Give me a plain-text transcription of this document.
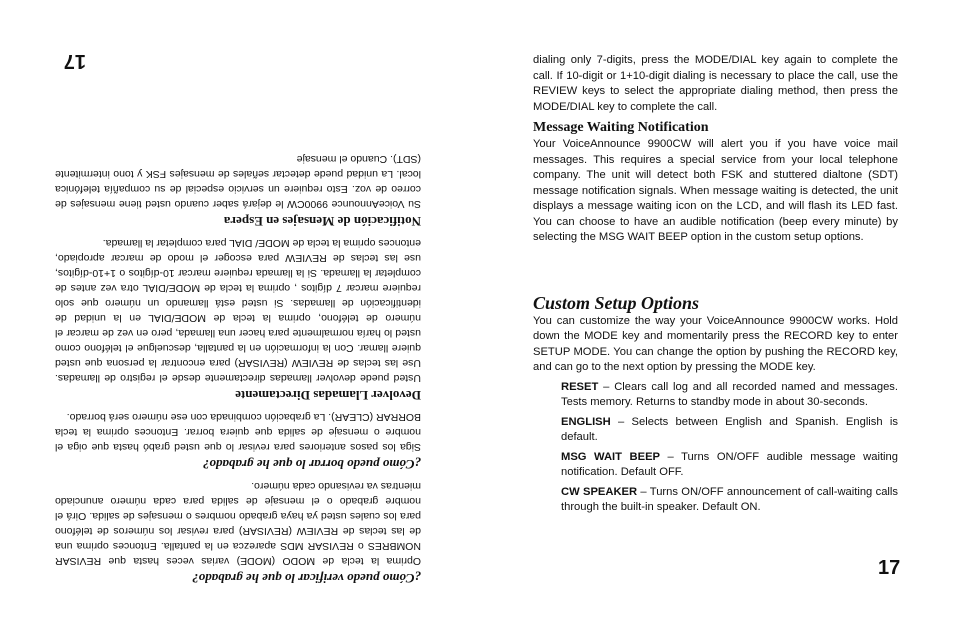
¿Cómo puedo verificar lo que he grabado?

Oprima la tecla de MODO (MODE) varias veces hasta que REVISAR NOMBRES o REVISAR MDS aparezca en la pantalla. Entonces oprima una de las teclas de REVIEW (REVISAR) para revisar los números de teléfono para los cuales usted ya haya grabado nombres o mensajes de salida. Oirá el nombre grabado o el mensaje de salida para cada número anunciado mientras va revisando cada número.

¿Cómo puedo borrar lo que he grabado?

Siga los pasos anteriores para revisar lo que usted grabó hasta que oiga el nombre o mensaje de salida que quiera borrar. Entonces oprima la tecla BORRAR (CLEAR). La grabación combinada con ese número será borrado.

Devolver Llamadas Directamente

Usted puede devolver llamadas directamente desde el registro de llamadas. Use las teclas de REVIEW (REVISAR) para encontrar la persona que usted quiere llamar. Con la información en la pantalla, descuelgue el teléfono como usted lo haría normalmente para hacer una llamada, pero en vez de marcar el número de teléfono, oprima la tecla de MODE/DIAL en la unidad de identificación de llamadas. Si usted está llamando un número que solo requiere marcar 7 dígitos , oprima la tecla de MODE/DIAL otra vez antes de completar la llamada. Si la llamada requiere marcar 10-dígitos o 1+10-dígitos, use las teclas de REVIEW para escoger el modo de marcar apropiado, entonces oprima la tecla de MODE/ DIAL para completar la llamada.

Notificación de Mensajes en Espera

Su VoiceAnnounce 9900CW le dejará saber cuando usted tiene mensajes de correo de voz. Esto requiere un servicio especial de su compañía telefónica local. La unidad puede detectar señales de mensajes FSK y tono intermitente (SDT). Cuando el mensaje

17	dialing only 7-digits, press the MODE/DIAL key again to complete the call. If 10-digit or 1+10-digit dialing is necessary to place the call, use the REVIEW keys to select the appropriate dialing method, then press the MODE/DIAL key to complete the call.

Message Waiting Notification

Your VoiceAnnounce 9900CW will alert you if you have voice mail messages. This requires a special service from your local telephone company. The unit will detect both FSK and stuttered dialtone (SDT) message notification signals. When message waiting is detected, the unit displays a message waiting icon on the LCD, and will flash its LED fast. You can choose to have an audible notification (beep every minute) by selecting the MSG WAIT BEEP option in the custom setup options.

Custom Setup Options

You can customize the way your VoiceAnnounce 9900CW works. Hold down the MODE key and momentarily press the RECORD key to enter SETUP MODE. You can change the option by pushing the RECORD key, and can go to the next option by pressing the MODE key.

RESET – Clears call log and all recorded named and messages. Tests memory. Returns to standby mode in about 30-seconds.

ENGLISH – Selects between English and Spanish. English is default.

MSG WAIT BEEP – Turns ON/OFF audible message waiting notification. Default OFF.

CW SPEAKER – Turns ON/OFF announcement of call-waiting calls through the built-in speaker. Default ON.

17
